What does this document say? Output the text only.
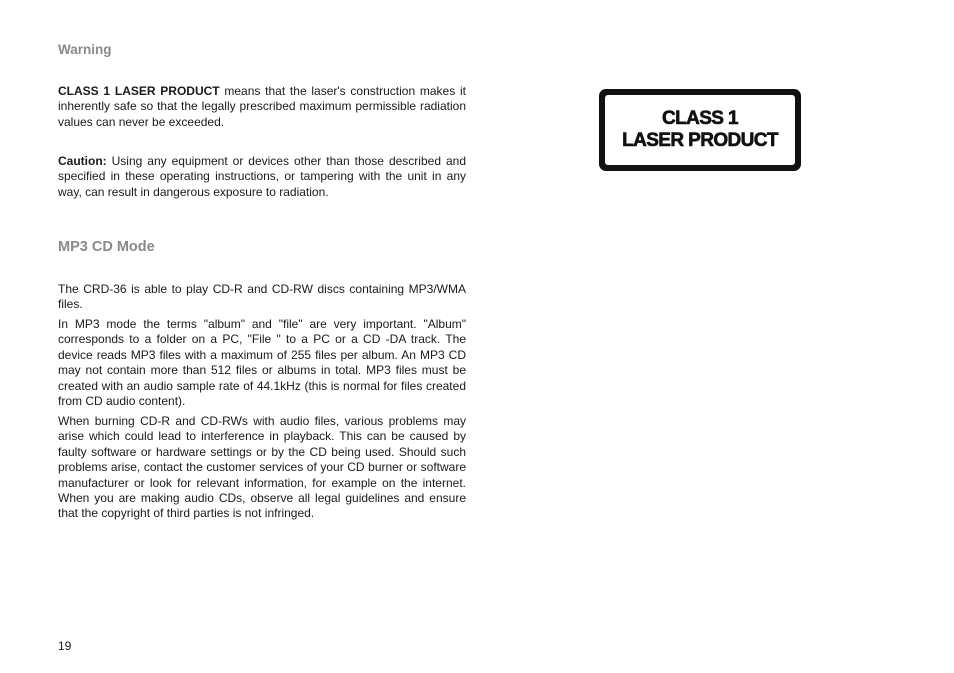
Warning

CLASS 1 LASER PRODUCT means that the laser's construction makes it inherently safe so that the legally prescribed maximum permissible radiation values can never be exceeded.

Caution: Using any equipment or devices other than those described and specified in these operating instructions, or tampering with the unit in any way, can result in dangerous exposure to radiation.

MP3 CD Mode

The CRD-36 is able to play CD-R and CD-RW discs containing MP3/WMA files.

In MP3 mode the terms "album" and "file" are very important. "Album" corresponds to a folder on a PC, "File " to a PC or a CD -DA track. The device reads MP3 files with a maximum of 255 files per album. An MP3 CD may not contain more than 512 files or albums in total. MP3 files must be created with an audio sample rate of 44.1kHz (this is normal for files created from CD audio content).

When burning CD-R and CD-RWs with audio files, various problems may arise which could lead to interference in playback. This can be caused by faulty software or hardware settings or by the CD being used. Should such problems arise, contact the customer services of your CD burner or software manufacturer or look for relevant information, for example on the internet. When you are making audio CDs, observe all legal guidelines and ensure that the copyright of third parties is not infringed.

19
CLASS 1
LASER PRODUCT
